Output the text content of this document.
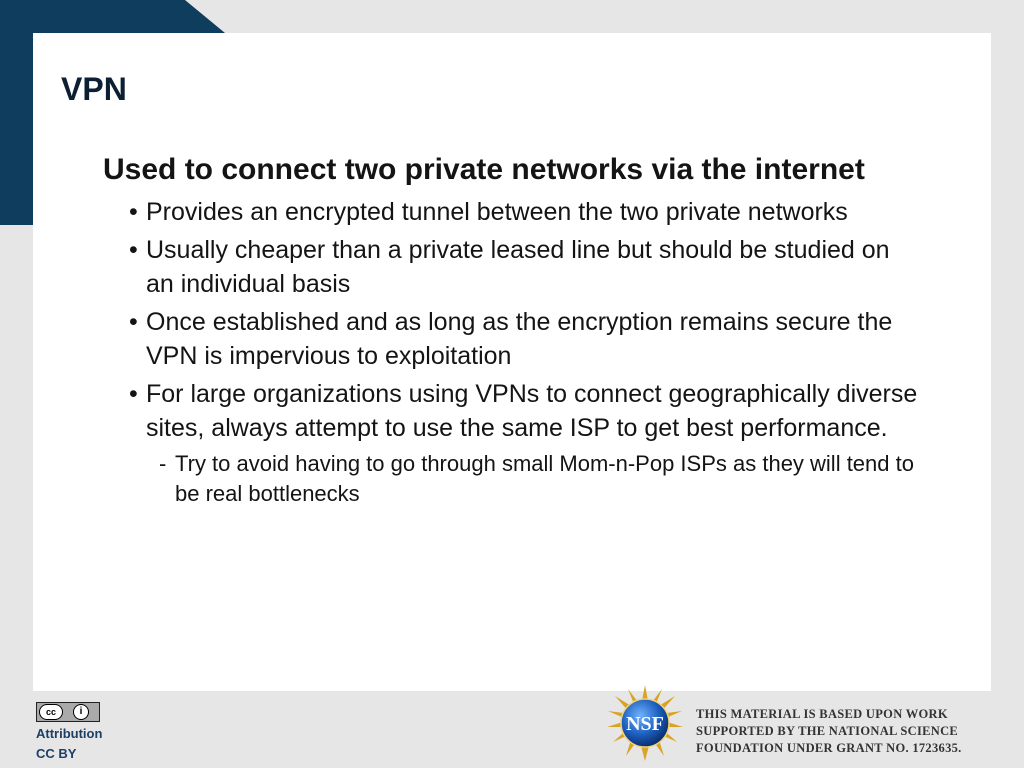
VPN

Used to connect two private networks via the internet

• Provides an encrypted tunnel between the two private networks

• Usually cheaper than a private leased line but should be studied on an individual basis

• Once established and as long as the encryption remains secure the VPN is impervious to exploitation

• For large organizations using VPNs to connect geographically diverse sites, always attempt to use the same ISP to get best performance.

- Try to avoid having to go through small Mom-n-Pop ISPs as they will tend to be real bottlenecks

cc	i
Attribution
CC BY
NSF	THIS MATERIAL IS BASED UPON WORK
SUPPORTED BY THE NATIONAL SCIENCE
FOUNDATION UNDER GRANT NO. 1723635.
